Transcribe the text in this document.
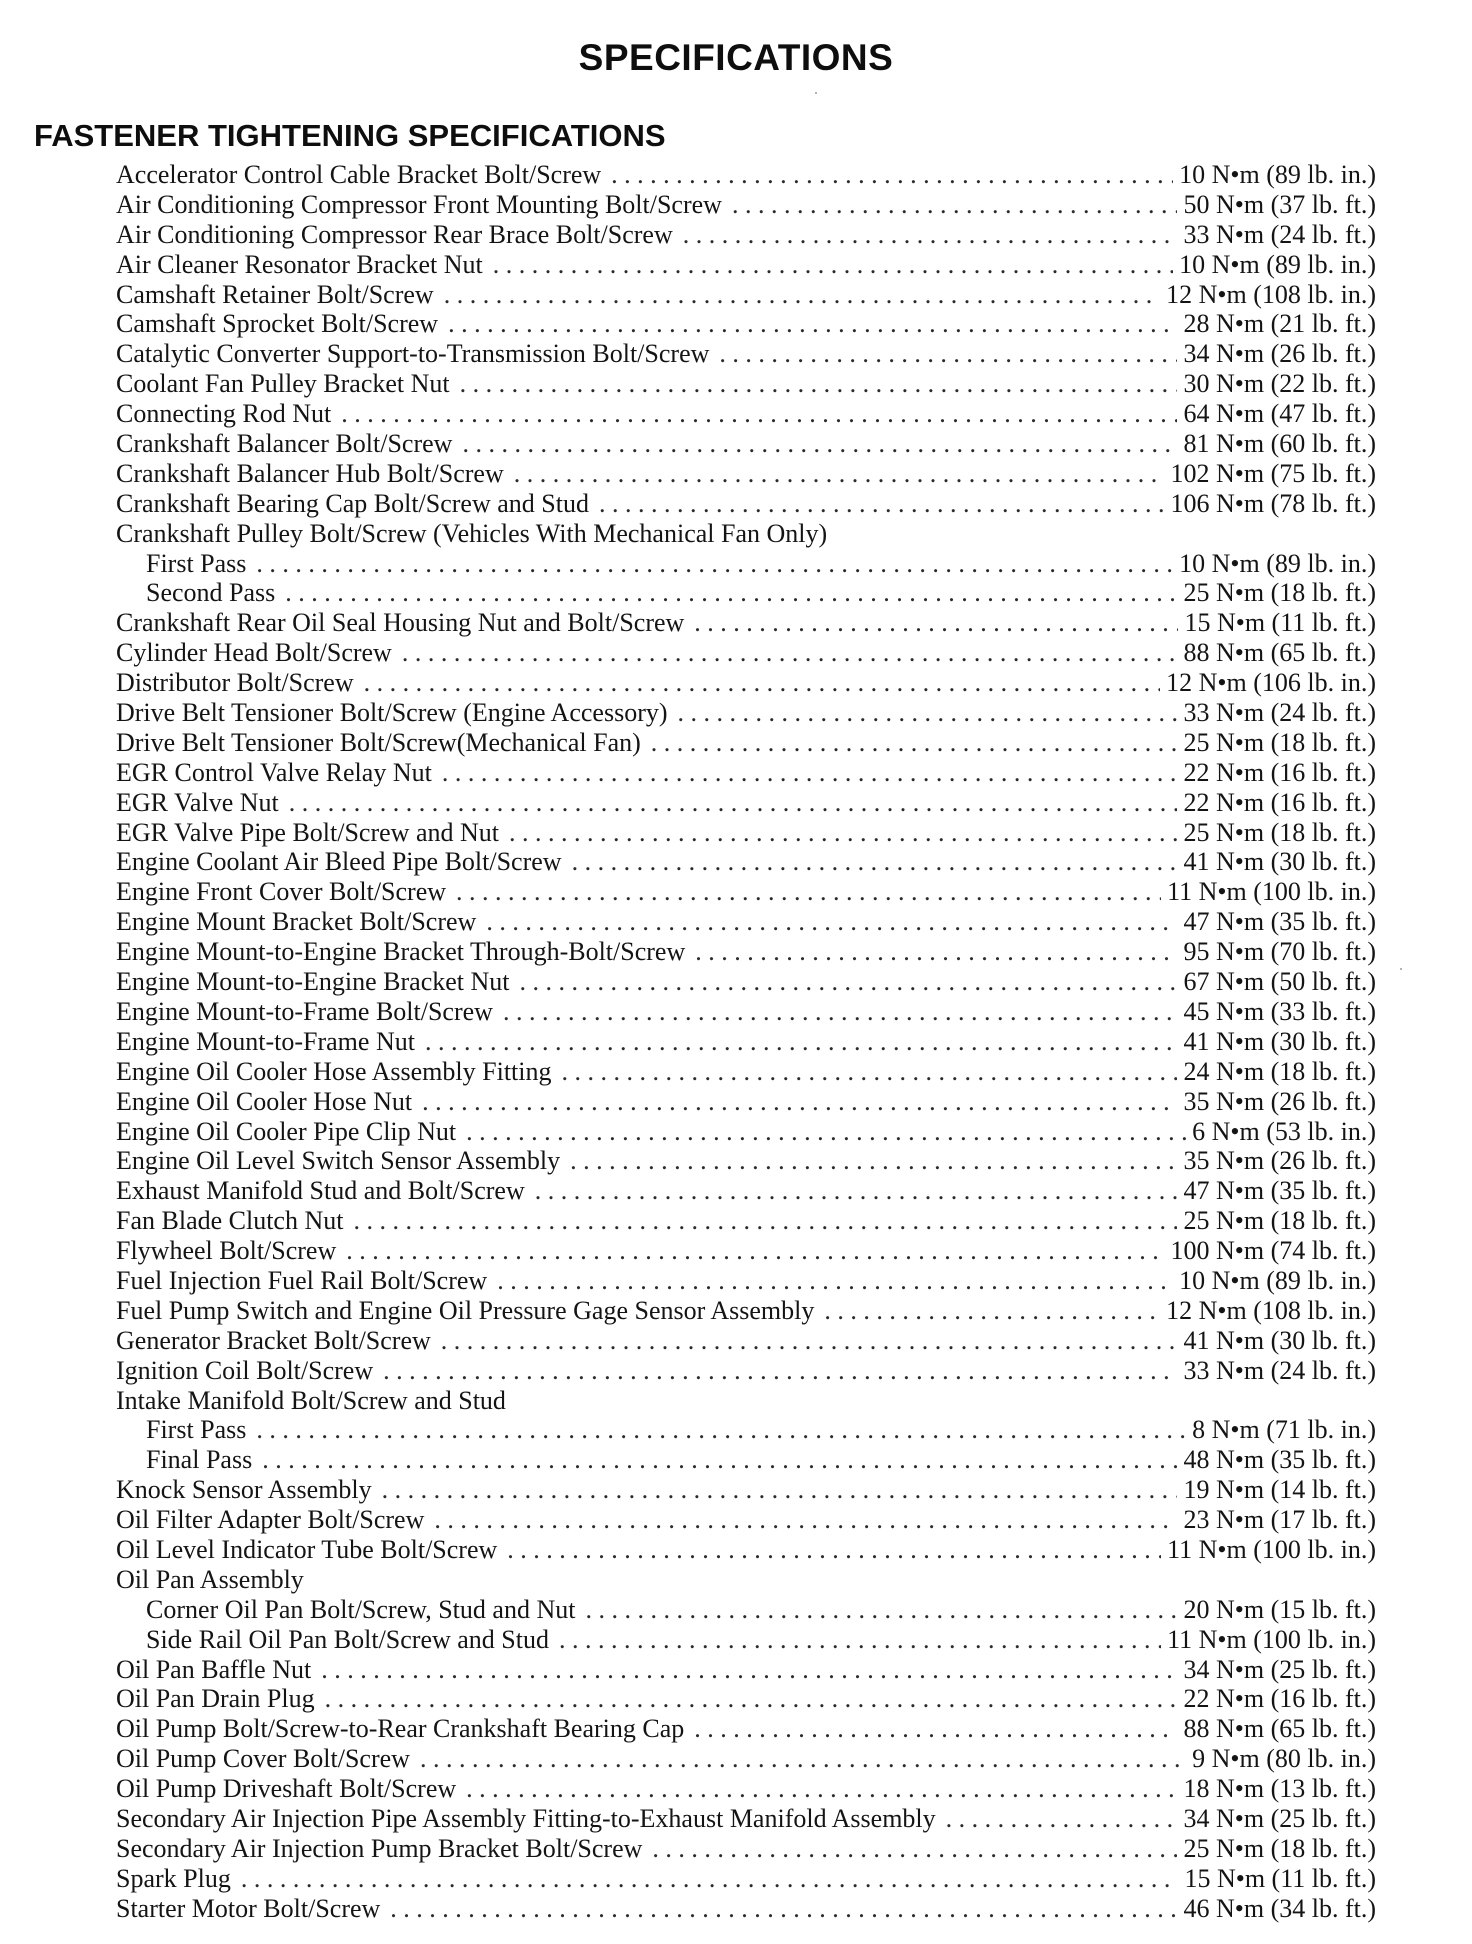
SPECIFICATIONS
FASTENER TIGHTENING SPECIFICATIONS
Accelerator Control Cable Bracket Bolt/Screw . . .	10 N•m (89 lb. in.)
Air Conditioning Compressor Front Mounting Bolt/Screw . . .	50 N•m (37 lb. ft.)
Air Conditioning Compressor Rear Brace Bolt/Screw . . .	33 N•m (24 lb. ft.)
Air Cleaner Resonator Bracket Nut . . .	10 N•m (89 lb. in.)
Camshaft Retainer Bolt/Screw . . .	12 N•m (108 lb. in.)
Camshaft Sprocket Bolt/Screw . . .	28 N•m (21 lb. ft.)
Catalytic Converter Support-to-Transmission Bolt/Screw . . .	34 N•m (26 lb. ft.)
Coolant Fan Pulley Bracket Nut . . .	30 N•m (22 lb. ft.)
Connecting Rod Nut . . .	64 N•m (47 lb. ft.)
Crankshaft Balancer Bolt/Screw . . .	81 N•m (60 lb. ft.)
Crankshaft Balancer Hub Bolt/Screw . . .	102 N•m (75 lb. ft.)
Crankshaft Bearing Cap Bolt/Screw and Stud . . .	106 N•m (78 lb. ft.)
Crankshaft Pulley Bolt/Screw (Vehicles With Mechanical Fan Only)
First Pass . . .	10 N•m (89 lb. in.)
Second Pass . . .	25 N•m (18 lb. ft.)
Crankshaft Rear Oil Seal Housing Nut and Bolt/Screw . . .	15 N•m (11 lb. ft.)
Cylinder Head Bolt/Screw . . .	88 N•m (65 lb. ft.)
Distributor Bolt/Screw . . .	12 N•m (106 lb. in.)
Drive Belt Tensioner Bolt/Screw (Engine Accessory) . . .	33 N•m (24 lb. ft.)
Drive Belt Tensioner Bolt/Screw(Mechanical Fan) . . .	25 N•m (18 lb. ft.)
EGR Control Valve Relay Nut . . .	22 N•m (16 lb. ft.)
EGR Valve Nut . . .	22 N•m (16 lb. ft.)
EGR Valve Pipe Bolt/Screw and Nut . . .	25 N•m (18 lb. ft.)
Engine Coolant Air Bleed Pipe Bolt/Screw . . .	41 N•m (30 lb. ft.)
Engine Front Cover Bolt/Screw . . .	11 N•m (100 lb. in.)
Engine Mount Bracket Bolt/Screw . . .	47 N•m (35 lb. ft.)
Engine Mount-to-Engine Bracket Through-Bolt/Screw . . .	95 N•m (70 lb. ft.)
Engine Mount-to-Engine Bracket Nut . . .	67 N•m (50 lb. ft.)
Engine Mount-to-Frame Bolt/Screw . . .	45 N•m (33 lb. ft.)
Engine Mount-to-Frame Nut . . .	41 N•m (30 lb. ft.)
Engine Oil Cooler Hose Assembly Fitting . . .	24 N•m (18 lb. ft.)
Engine Oil Cooler Hose Nut . . .	35 N•m (26 lb. ft.)
Engine Oil Cooler Pipe Clip Nut . . .	6 N•m (53 lb. in.)
Engine Oil Level Switch Sensor Assembly . . .	35 N•m (26 lb. ft.)
Exhaust Manifold Stud and Bolt/Screw . . .	47 N•m (35 lb. ft.)
Fan Blade Clutch Nut . . .	25 N•m (18 lb. ft.)
Flywheel Bolt/Screw . . .	100 N•m (74 lb. ft.)
Fuel Injection Fuel Rail Bolt/Screw . . .	10 N•m (89 lb. in.)
Fuel Pump Switch and Engine Oil Pressure Gage Sensor Assembly . . .	12 N•m (108 lb. in.)
Generator Bracket Bolt/Screw . . .	41 N•m (30 lb. ft.)
Ignition Coil Bolt/Screw . . .	33 N•m (24 lb. ft.)
Intake Manifold Bolt/Screw and Stud
First Pass . . .	8 N•m (71 lb. in.)
Final Pass . . .	48 N•m (35 lb. ft.)
Knock Sensor Assembly . . .	19 N•m (14 lb. ft.)
Oil Filter Adapter Bolt/Screw . . .	23 N•m (17 lb. ft.)
Oil Level Indicator Tube Bolt/Screw . . .	11 N•m (100 lb. in.)
Oil Pan Assembly
Corner Oil Pan Bolt/Screw, Stud and Nut . . .	20 N•m (15 lb. ft.)
Side Rail Oil Pan Bolt/Screw and Stud . . .	11 N•m (100 lb. in.)
Oil Pan Baffle Nut . . .	34 N•m (25 lb. ft.)
Oil Pan Drain Plug . . .	22 N•m (16 lb. ft.)
Oil Pump Bolt/Screw-to-Rear Crankshaft Bearing Cap . . .	88 N•m (65 lb. ft.)
Oil Pump Cover Bolt/Screw . . .	9 N•m (80 lb. in.)
Oil Pump Driveshaft Bolt/Screw . . .	18 N•m (13 lb. ft.)
Secondary Air Injection Pipe Assembly Fitting-to-Exhaust Manifold Assembly . . .	34 N•m (25 lb. ft.)
Secondary Air Injection Pump Bracket Bolt/Screw . . .	25 N•m (18 lb. ft.)
Spark Plug . . .	15 N•m (11 lb. ft.)
Starter Motor Bolt/Screw . . .	46 N•m (34 lb. ft.)
